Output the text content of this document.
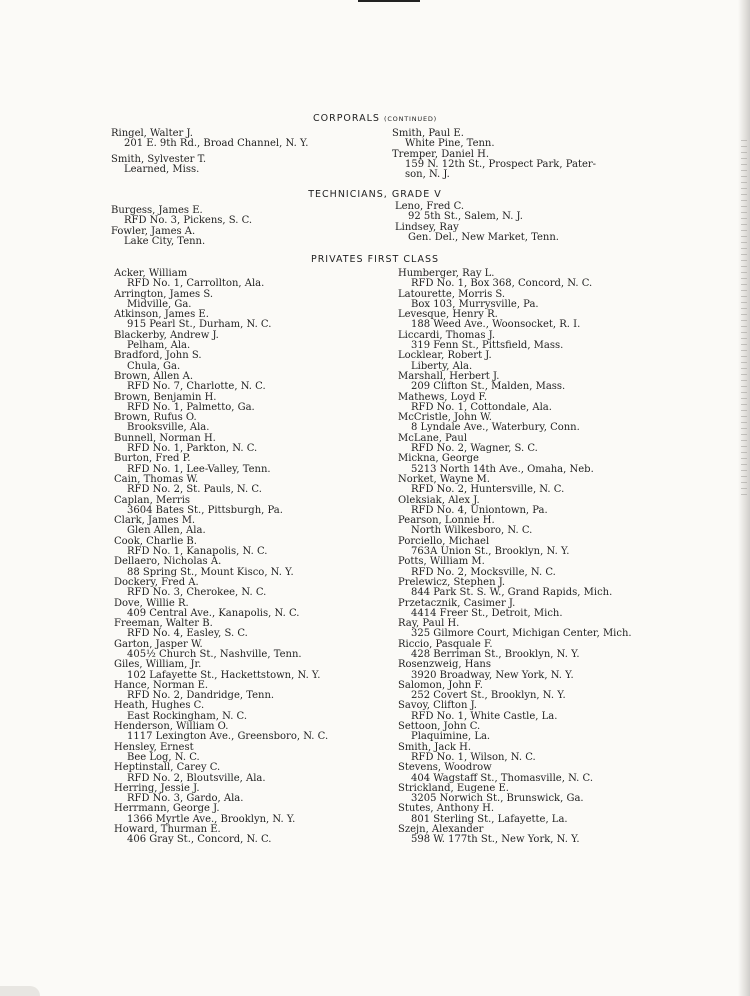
CORPORALS (CONTINUED)
Ringel, Walter J.
201 E. 9th Rd., Broad Channel, N. Y.
Smith, Sylvester T.
Learned, Miss.
Smith, Paul E.
White Pine, Tenn.
Tremper, Daniel H.
159 N. 12th St., Prospect Park, Pater-
son, N. J.
TECHNICIANS, GRADE V
Burgess, James E.
RFD No. 3, Pickens, S. C.
Fowler, James A.
Lake City, Tenn.
Leno, Fred C.
92 5th St., Salem, N. J.
Lindsey, Ray
Gen. Del., New Market, Tenn.
PRIVATES FIRST CLASS
Acker, William
RFD No. 1, Carrollton, Ala.
Arrington, James S.
Midville, Ga.
Atkinson, James E.
915 Pearl St., Durham, N. C.
Blackerby, Andrew J.
Pelham, Ala.
Bradford, John S.
Chula, Ga.
Brown, Allen A.
RFD No. 7, Charlotte, N. C.
Brown, Benjamin H.
RFD No. 1, Palmetto, Ga.
Brown, Rufus O.
Brooksville, Ala.
Bunnell, Norman H.
RFD No. 1, Parkton, N. C.
Burton, Fred P.
RFD No. 1, Lee-Valley, Tenn.
Cain, Thomas W.
RFD No. 2, St. Pauls, N. C.
Caplan, Merris
3604 Bates St., Pittsburgh, Pa.
Clark, James M.
Glen Allen, Ala.
Cook, Charlie B.
RFD No. 1, Kanapolis, N. C.
Dellaero, Nicholas A.
88 Spring St., Mount Kisco, N. Y.
Dockery, Fred A.
RFD No. 3, Cherokee, N. C.
Dove, Willie R.
409 Central Ave., Kanapolis, N. C.
Freeman, Walter B.
RFD No. 4, Easley, S. C.
Garton, Jasper W.
405½ Church St., Nashville, Tenn.
Giles, William, Jr.
102 Lafayette St., Hackettstown, N. Y.
Hance, Norman E.
RFD No. 2, Dandridge, Tenn.
Heath, Hughes C.
East Rockingham, N. C.
Henderson, William O.
1117 Lexington Ave., Greensboro, N. C.
Hensley, Ernest
Bee Log, N. C.
Heptinstall, Carey C.
RFD No. 2, Bloutsville, Ala.
Herring, Jessie J.
RFD No. 3, Gardo, Ala.
Herrmann, George J.
1366 Myrtle Ave., Brooklyn, N. Y.
Howard, Thurman E.
406 Gray St., Concord, N. C.
Humberger, Ray L.
RFD No. 1, Box 368, Concord, N. C.
Latourette, Morris S.
Box 103, Murrysville, Pa.
Levesque, Henry R.
188 Weed Ave., Woonsocket, R. I.
Liccardi, Thomas J.
319 Fenn St., Pittsfield, Mass.
Locklear, Robert J.
Liberty, Ala.
Marshall, Herbert J.
209 Clifton St., Malden, Mass.
Mathews, Loyd F.
RFD No. 1, Cottondale, Ala.
McCristle, John W.
8 Lyndale Ave., Waterbury, Conn.
McLane, Paul
RFD No. 2, Wagner, S. C.
Mickna, George
5213 North 14th Ave., Omaha, Neb.
Norket, Wayne M.
RFD No. 2, Huntersville, N. C.
Oleksiak, Alex J.
RFD No. 4, Uniontown, Pa.
Pearson, Lonnie H.
North Wilkesboro, N. C.
Porciello, Michael
763A Union St., Brooklyn, N. Y.
Potts, William M.
RFD No. 2, Mocksville, N. C.
Prelewicz, Stephen J.
844 Park St. S. W., Grand Rapids, Mich.
Przetacznik, Casimer J.
4414 Freer St., Detroit, Mich.
Ray, Paul H.
325 Gilmore Court, Michigan Center, Mich.
Riccio, Pasquale F.
428 Berriman St., Brooklyn, N. Y.
Rosenzweig, Hans
3920 Broadway, New York, N. Y.
Salomon, John F.
252 Covert St., Brooklyn, N. Y.
Savoy, Clifton J.
RFD No. 1, White Castle, La.
Settoon, John C.
Plaquimine, La.
Smith, Jack H.
RFD No. 1, Wilson, N. C.
Stevens, Woodrow
404 Wagstaff St., Thomasville, N. C.
Strickland, Eugene E.
3205 Norwich St., Brunswick, Ga.
Stutes, Anthony H.
801 Sterling St., Lafayette, La.
Szejn, Alexander
598 W. 177th St., New York, N. Y.
